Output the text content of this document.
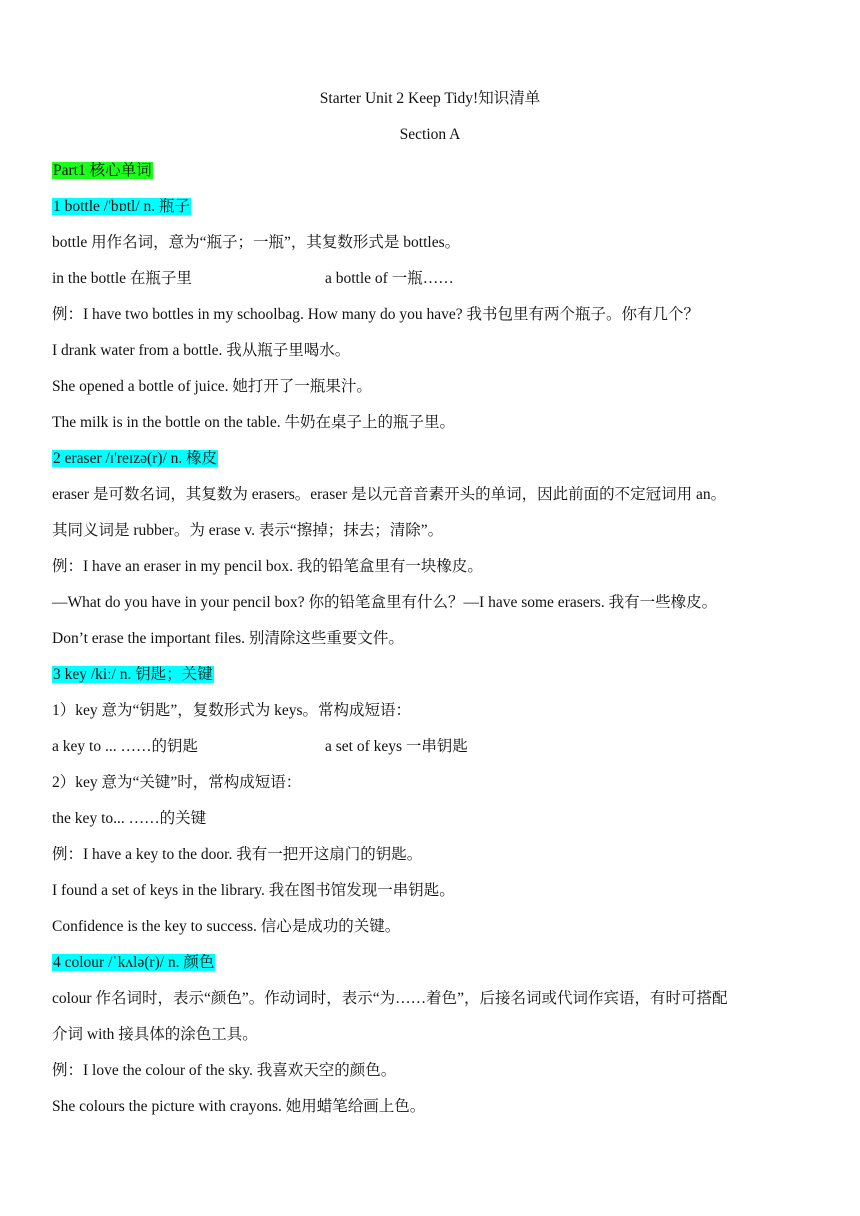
Starter Unit 2 Keep Tidy!知识清单
Section A
Part1 核心单词
1 bottle /'bɒtl/ n. 瓶子
bottle 用作名词，意为“瓶子；一瓶”，其复数形式是 bottles。
in the bottle 在瓶子里	a bottle of 一瓶……
例：I have two bottles in my schoolbag. How many do you have? 我书包里有两个瓶子。你有几个？
I drank water from a bottle. 我从瓶子里喝水。
She opened a bottle of juice. 她打开了一瓶果汁。
The milk is in the bottle on the table. 牛奶在桌子上的瓶子里。
2 eraser /ɪ'reɪzə(r)/ n. 橡皮
eraser 是可数名词，其复数为 erasers。eraser 是以元音音素开头的单词，因此前面的不定冠词用 an。
其同义词是 rubber。为 erase v. 表示“擦掉；抹去；清除”。
例：I have an eraser in my pencil box. 我的铅笔盒里有一块橡皮。
—What do you have in your pencil box? 你的铅笔盒里有什么？—I have some erasers. 我有一些橡皮。
Don’t erase the important files. 别清除这些重要文件。
3 key /kiː/ n. 钥匙；关键
1）key 意为“钥匙”，复数形式为 keys。常构成短语：
a key to ... ……的钥匙	a set of keys 一串钥匙
2）key 意为“关键”时，常构成短语：
the key to... ……的关键
例：I have a key to the door. 我有一把开这扇门的钥匙。
I found a set of keys in the library. 我在图书馆发现一串钥匙。
Confidence is the key to success. 信心是成功的关键。
4 colour /ˈkʌlə(r)/ n. 颜色
colour 作名词时，表示“颜色”。作动词时，表示“为……着色”，后接名词或代词作宾语，有时可搭配
介词 with 接具体的涂色工具。
例：I love the colour of the sky. 我喜欢天空的颜色。
She colours the picture with crayons. 她用蜡笔给画上色。
